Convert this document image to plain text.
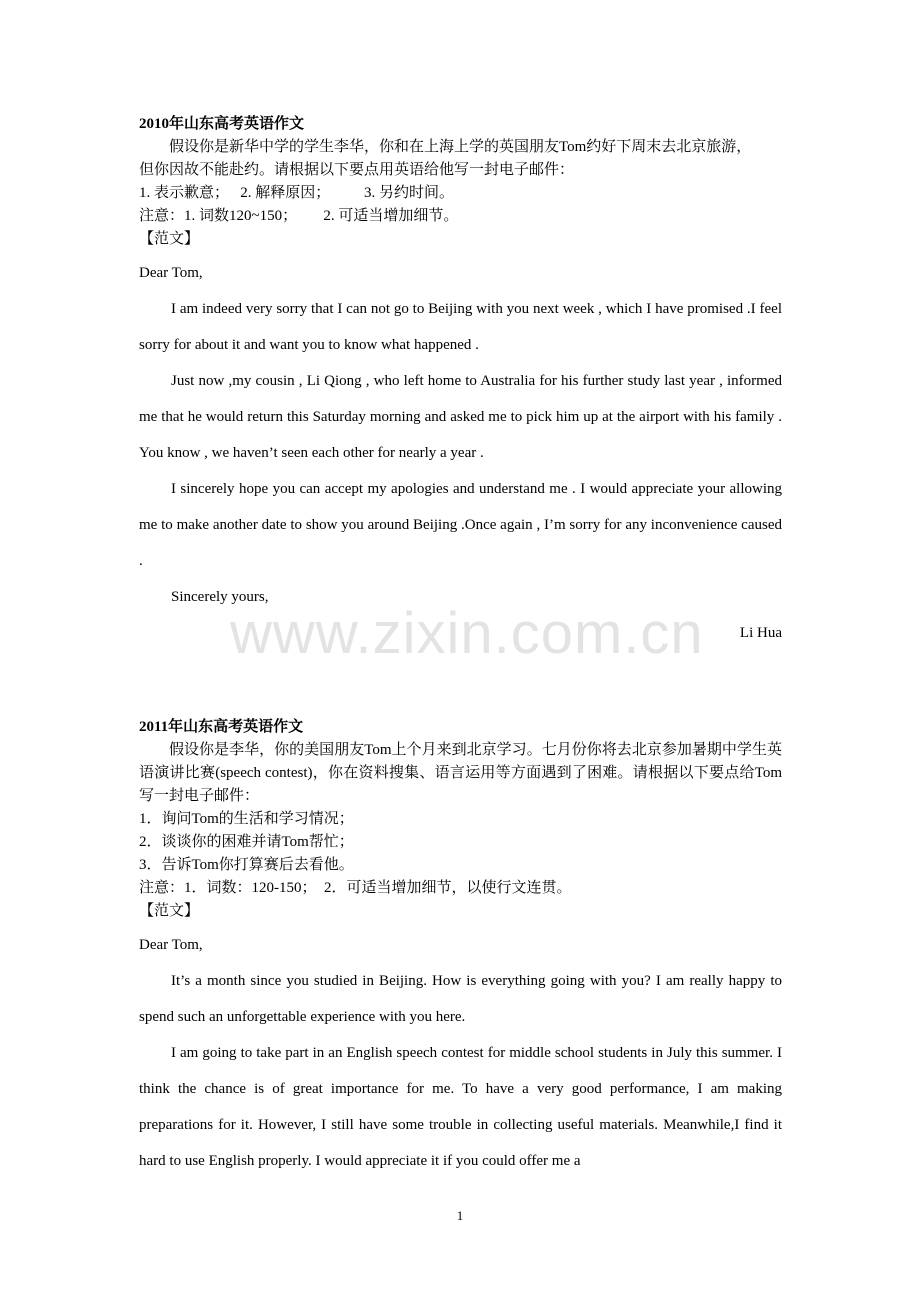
2010年山东高考英语作文

假设你是新华中学的学生李华，你和在上海上学的英国朋友Tom约好下周末去北京旅游，

但你因故不能赴约。请根据以下要点用英语给他写一封电子邮件：

1. 表示歉意；   2. 解释原因；         3. 另约时间。

注意：1. 词数120~150；       2. 可适当增加细节。

【范文】

Dear Tom,

I am indeed very sorry that I can not go to Beijing with you next week , which I have promised .I feel sorry for about it and want you to know what happened .

Just now ,my cousin , Li Qiong , who left home to Australia for his further study last year , informed me that he would return this Saturday morning and asked me to pick him up at the airport with his family . You know , we haven’t seen each other for nearly a year .

I sincerely hope you can accept my apologies and understand me . I would appreciate your allowing me to make another date to show you around Beijing .Once again , I’m sorry for any inconvenience caused .

Sincerely yours,

Li Hua

www.zixin.com.cn

2011年山东高考英语作文

假设你是李华，你的美国朋友Tom上个月来到北京学习。七月份你将去北京参加暑期中学生英语演讲比赛(speech contest)，你在资料搜集、语言运用等方面遇到了困难。请根据以下要点给Tom写一封电子邮件：

1．询问Tom的生活和学习情况；

2．谈谈你的困难并请Tom帮忙；

3．告诉Tom你打算赛后去看他。

注意：1．词数：120-150；  2．可适当增加细节，以使行文连贯。

【范文】

Dear Tom,

It’s a month since you studied in Beijing. How is everything going with you? I am really happy to spend such an unforgettable experience with you here.

I am going to take part in an English speech contest for middle school students in July this summer. I think the chance is of great importance for me. To have a very good performance, I am making preparations for it. However, I still have some trouble in collecting useful materials. Meanwhile,I find it hard to use English properly. I would appreciate it if you could offer me a

1
